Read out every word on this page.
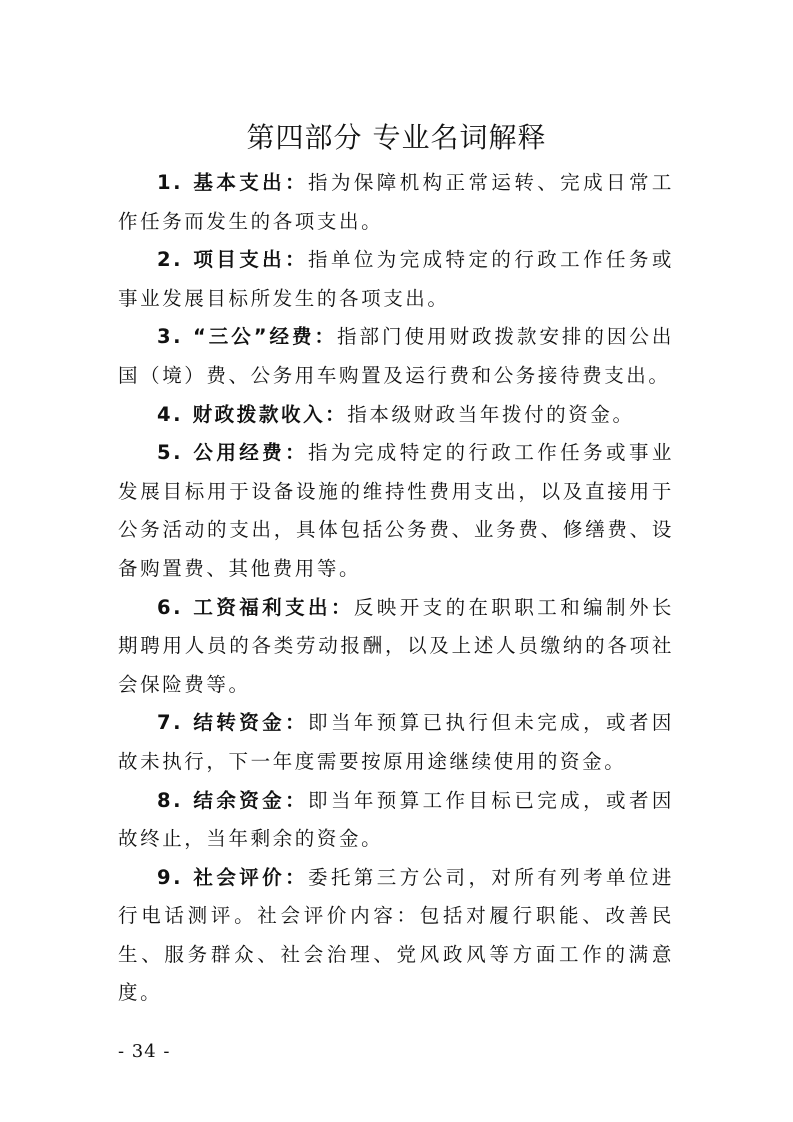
第四部分 专业名词解释

1. 基本支出：指为保障机构正常运转、完成日常工作任务而发生的各项支出。

2. 项目支出：指单位为完成特定的行政工作任务或事业发展目标所发生的各项支出。

3. “三公”经费：指部门使用财政拨款安排的因公出国（境）费、公务用车购置及运行费和公务接待费支出。

4. 财政拨款收入：指本级财政当年拨付的资金。

5. 公用经费：指为完成特定的行政工作任务或事业发展目标用于设备设施的维持性费用支出，以及直接用于公务活动的支出，具体包括公务费、业务费、修缮费、设备购置费、其他费用等。

6. 工资福利支出：反映开支的在职职工和编制外长期聘用人员的各类劳动报酬，以及上述人员缴纳的各项社会保险费等。

7. 结转资金：即当年预算已执行但未完成，或者因故未执行，下一年度需要按原用途继续使用的资金。

8. 结余资金：即当年预算工作目标已完成，或者因故终止，当年剩余的资金。

9. 社会评价：委托第三方公司，对所有列考单位进行电话测评。社会评价内容：包括对履行职能、改善民生、服务群众、社会治理、党风政风等方面工作的满意度。

- 34 -
